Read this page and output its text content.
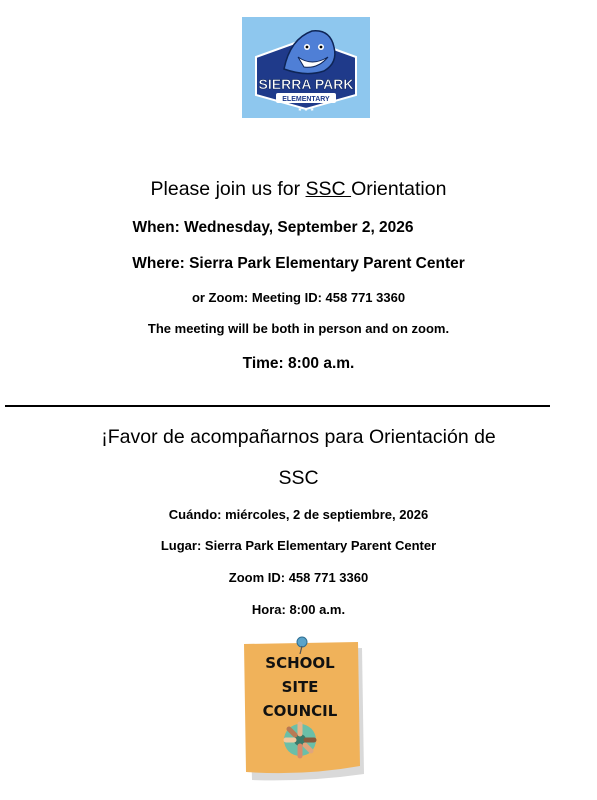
SIERRA PARK
ELEMENTARY
★ ★ ★
Please join us for SSC Orientation
When: Wednesday, September 2, 2026
Where: Sierra Park Elementary Parent Center
or Zoom: Meeting ID: 458 771 3360
The meeting will be both in person and on zoom.
Time: 8:00 a.m.
¡Favor de acompañarnos para Orientación de
SSC
Cuándo: miércoles, 2 de septiembre, 2026
Lugar: Sierra Park Elementary Parent Center
Zoom ID: 458 771 3360
Hora: 8:00 a.m.
SCHOOL
SITE
COUNCIL
